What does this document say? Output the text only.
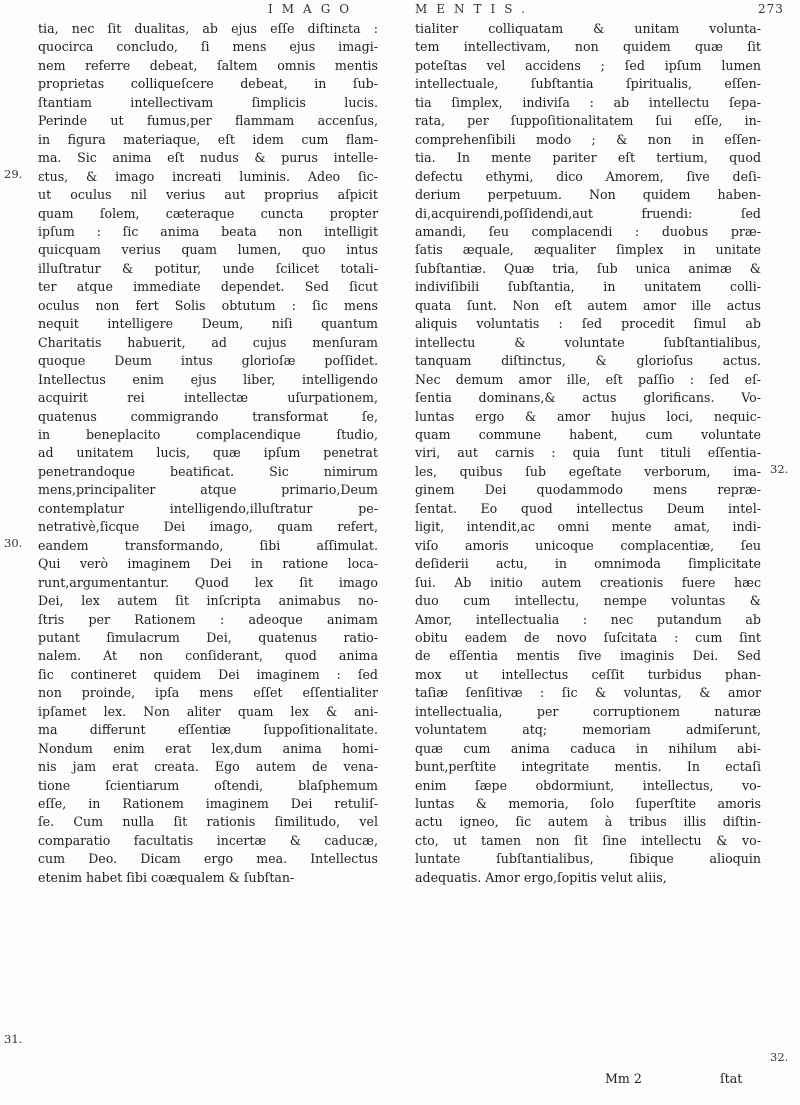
IMAGO	MENTIS.	273
tia, nec ſit dualitas, ab ejus eſſe diſtinɛta :
quocirca concludo, ſi mens ejus imagi-
nem referre debeat, ſaltem omnis mentis
proprietas colliqueſcere debeat, in ſub-
ſtantiam intellectivam ſimplicis lucis.
Perinde ut fumus,per flammam accenſus,
in figura materiaque, eſt idem cum flam-
ma. Sic anima eſt nudus & purus intelle-
ɛtus, & imago increati luminis. Adeo ſic-
ut oculus nil verius aut proprius aſpicit
quam ſolem, cæteraque cuncta propter
ipſum : ſic anima beata non intelligit
quicquam verius quam lumen, quo intus
illuſtratur & potitur, unde ſcilicet totali-
ter atque immediate dependet. Sed ſicut
oculus non fert Solis obtutum : ſic mens
nequit intelligere Deum, niſi quantum
Charitatis habuerit, ad cujus menſuram
quoque Deum intus glorioſæ poſſidet.
Intellectus enim ejus liber, intelligendo
acquirit rei intellectæ uſurpationem,
quatenus commigrando transformat ſe,
in beneplacito complacendique ſtudio,
ad unitatem lucis, quæ ipſum penetrat
penetrandoque beatificat. Sic nimirum
mens,principaliter atque primario,Deum
contemplatur intelligendo,illuſtratur pe-
netrativè,ſicque Dei imago, quam refert,
eandem transformando, ſibi aſſimulat.
Qui verò imaginem Dei in ratione loca-
runt,argumentantur. Quod lex ſit imago
Dei, lex autem ſit inſcripta animabus no-
ſtris per Rationem : adeoque animam
putant ſimulacrum Dei, quatenus ratio-
nalem. At non conſiderant, quod anima
ſic contineret quidem Dei imaginem : ſed
non proinde, ipſa mens eſſet eſſentialiter
ipſamet lex. Non aliter quam lex & ani-
ma differunt eſſentiæ ſuppoſitionalitate.
Nondum enim erat lex,dum anima homi-
nis jam erat creata. Ego autem de vena-
tione ſcientiarum oſtendi, blaſphemum
eſſe, in Rationem imaginem Dei retuliſ-
ſe. Cum nulla ſit rationis ſimilitudo, vel
comparatio facultatis incertæ & caducæ,
cum Deo. Dicam ergo mea. Intellectus
etenim habet ſibi coæqualem & ſubſtan-
tialiter colliquatam & unitam volunta-
tem intellectivam, non quidem quæ ſit
poteſtas vel accidens ; ſed ipſum lumen
intellectuale, ſubſtantia ſpiritualis, eſſen-
tia ſimplex, indiviſa : ab intellectu ſepa-
rata, per ſuppoſitionalitatem ſui eſſe, in-
comprehenſibili modo ; & non in eſſen-
tia. In mente pariter eſt tertium, quod
defectu ethymi, dico Amorem, ſive deſi-
derium perpetuum. Non quidem haben-
di,acquirendi,poſſidendi,aut fruendi: ſed
amandi, ſeu complacendi : duobus præ-
ſatis æquale, æqualiter ſimplex in unitate
ſubſtantiæ. Quæ tria, ſub unica animæ &
indiviſibili ſubſtantia, in unitatem colli-
quata ſunt. Non eſt autem amor ille actus
aliquis voluntatis : ſed procedit ſimul ab
intellectu & voluntate ſubſtantialibus,
tanquam diſtinctus, & glorioſus actus.
Nec demum amor ille, eſt paſſio : ſed eſ-
ſentia dominans,& actus glorificans. Vo-
luntas ergo & amor hujus loci, nequic-
quam commune habent, cum voluntate
viri, aut carnis : quia ſunt tituli eſſentia-
les, quibus ſub egeſtate verborum, ima-
ginem Dei quodammodo mens repræ-
ſentat. Eo quod intellectus Deum intel-
ligit, intendit,ac omni mente amat, indi-
viſo amoris unicoque complacentiæ, ſeu
deſiderii actu, in omnimoda ſimplicitate
ſui. Ab initio autem creationis fuere hæc
duo cum intellectu, nempe voluntas &
Amor, intellectualia : nec putandum ab
obitu eadem de novo ſuſcitata : cum ſint
de eſſentia mentis ſive imaginis Dei. Sed
mox ut intellectus ceſſit turbidus phan-
taſiæ ſenſitivæ : ſic & voluntas, & amor
intellectualia, per corruptionem naturæ
voluntatem atq; memoriam admiſerunt,
quæ cum anima caduca in nihilum abi-
bunt,perſtite integritate mentis. In ectaſi
enim ſæpe obdormiunt, intellectus, vo-
luntas & memoria, ſolo ſuperſtite amoris
actu igneo, ſic autem à tribus illis diſtin-
cto, ut tamen non ſit ſine intellectu & vo-
luntate ſubſtantialibus, ſibique alioquin
adequatis. Amor ergo,ſopitis velut aliis,
29.
30.
31.
32.
32.
Mm 2	ſtat
